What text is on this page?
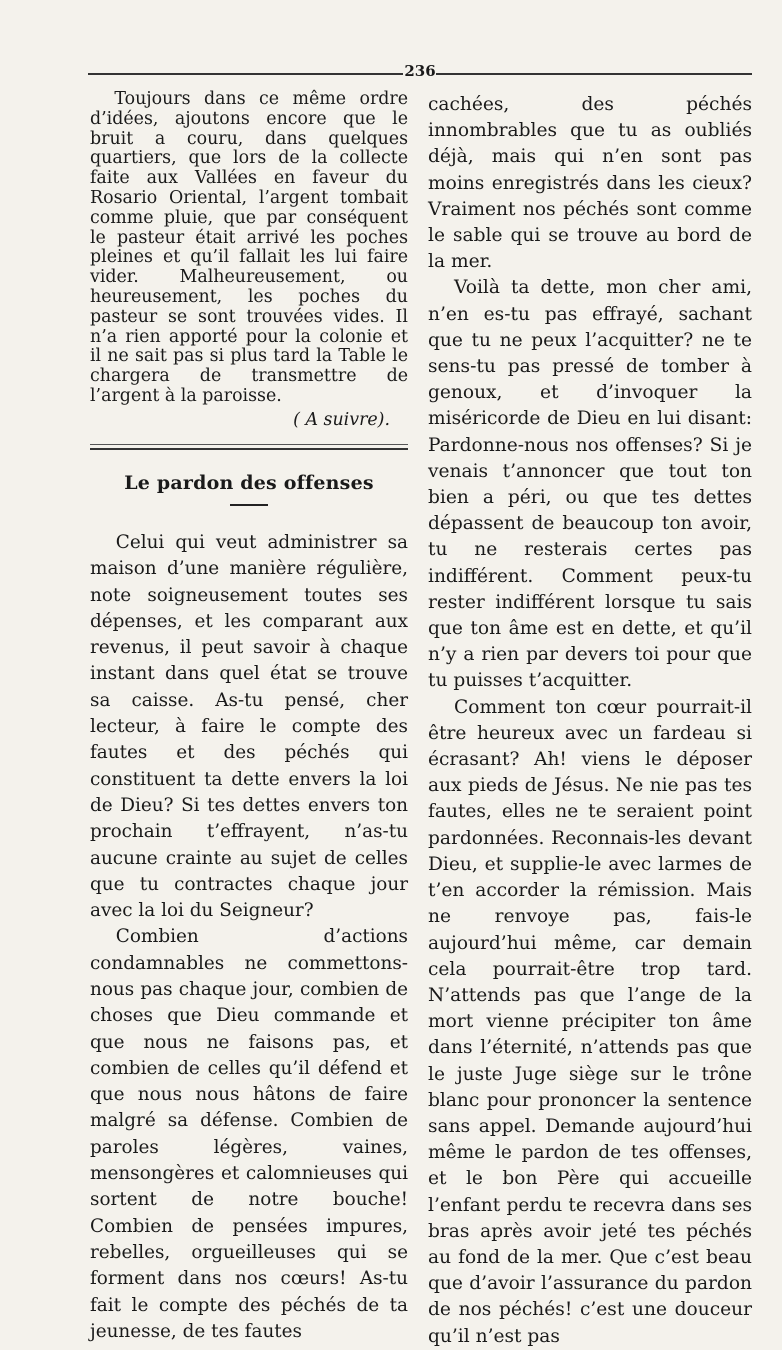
236

Toujours dans ce même ordre d’idées, ajoutons encore que le bruit a couru, dans quelques quartiers, que lors de la collecte faite aux Vallées en faveur du Rosario Oriental, l’argent tombait comme pluie, que par conséquent le pasteur était arrivé les poches pleines et qu’il fallait les lui faire vider. Malheureusement, ou heureusement, les poches du pasteur se sont trouvées vides. Il n’a rien apporté pour la colonie et il ne sait pas si plus tard la Table le chargera de transmettre de l’argent à la paroisse.

( A suivre).
Le pardon des offenses

Celui qui veut administrer sa maison d’une manière régulière, note soigneusement toutes ses dépenses, et les comparant aux revenus, il peut savoir à chaque instant dans quel état se trouve sa caisse. As-tu pensé, cher lecteur, à faire le compte des fautes et des péchés qui constituent ta dette envers la loi de Dieu? Si tes dettes envers ton prochain t’effrayent, n’as-tu aucune crainte au sujet de celles que tu contractes chaque jour avec la loi du Seigneur?

Combien d’actions condamnables ne commettons-nous pas chaque jour, combien de choses que Dieu commande et que nous ne faisons pas, et combien de celles qu’il défend et que nous nous hâtons de faire malgré sa défense. Combien de paroles légères, vaines, mensongères et calomnieuses qui sortent de notre bouche! Combien de pensées impures, rebelles, orgueilleuses qui se forment dans nos cœurs! As-tu fait le compte des péchés de ta jeunesse, de tes fautes

cachées, des péchés innombrables que tu as oubliés déjà, mais qui n’en sont pas moins enregistrés dans les cieux? Vraiment nos péchés sont comme le sable qui se trouve au bord de la mer.

Voilà ta dette, mon cher ami, n’en es-tu pas effrayé, sachant que tu ne peux l’acquitter? ne te sens-tu pas pressé de tomber à genoux, et d’invoquer la miséricorde de Dieu en lui disant: Pardonne-nous nos offenses? Si je venais t’annoncer que tout ton bien a péri, ou que tes dettes dépassent de beaucoup ton avoir, tu ne resterais certes pas indifférent. Comment peux-tu rester indifférent lorsque tu sais que ton âme est en dette, et qu’il n’y a rien par devers toi pour que tu puisses t’acquitter.

Comment ton cœur pourrait-il être heureux avec un fardeau si écrasant? Ah! viens le déposer aux pieds de Jésus. Ne nie pas tes fautes, elles ne te seraient point pardonnées. Reconnais-les devant Dieu, et supplie-le avec larmes de t’en accorder la rémission. Mais ne renvoye pas, fais-le aujourd’hui même, car demain cela pourrait-être trop tard. N’attends pas que l’ange de la mort vienne précipiter ton âme dans l’éternité, n’attends pas que le juste Juge siège sur le trône blanc pour prononcer la sentence sans appel. Demande aujourd’hui même le pardon de tes offenses, et le bon Père qui accueille l’enfant perdu te recevra dans ses bras après avoir jeté tes péchés au fond de la mer. Que c’est beau que d’avoir l’assurance du pardon de nos péchés! c’est une douceur qu’il n’est pas
